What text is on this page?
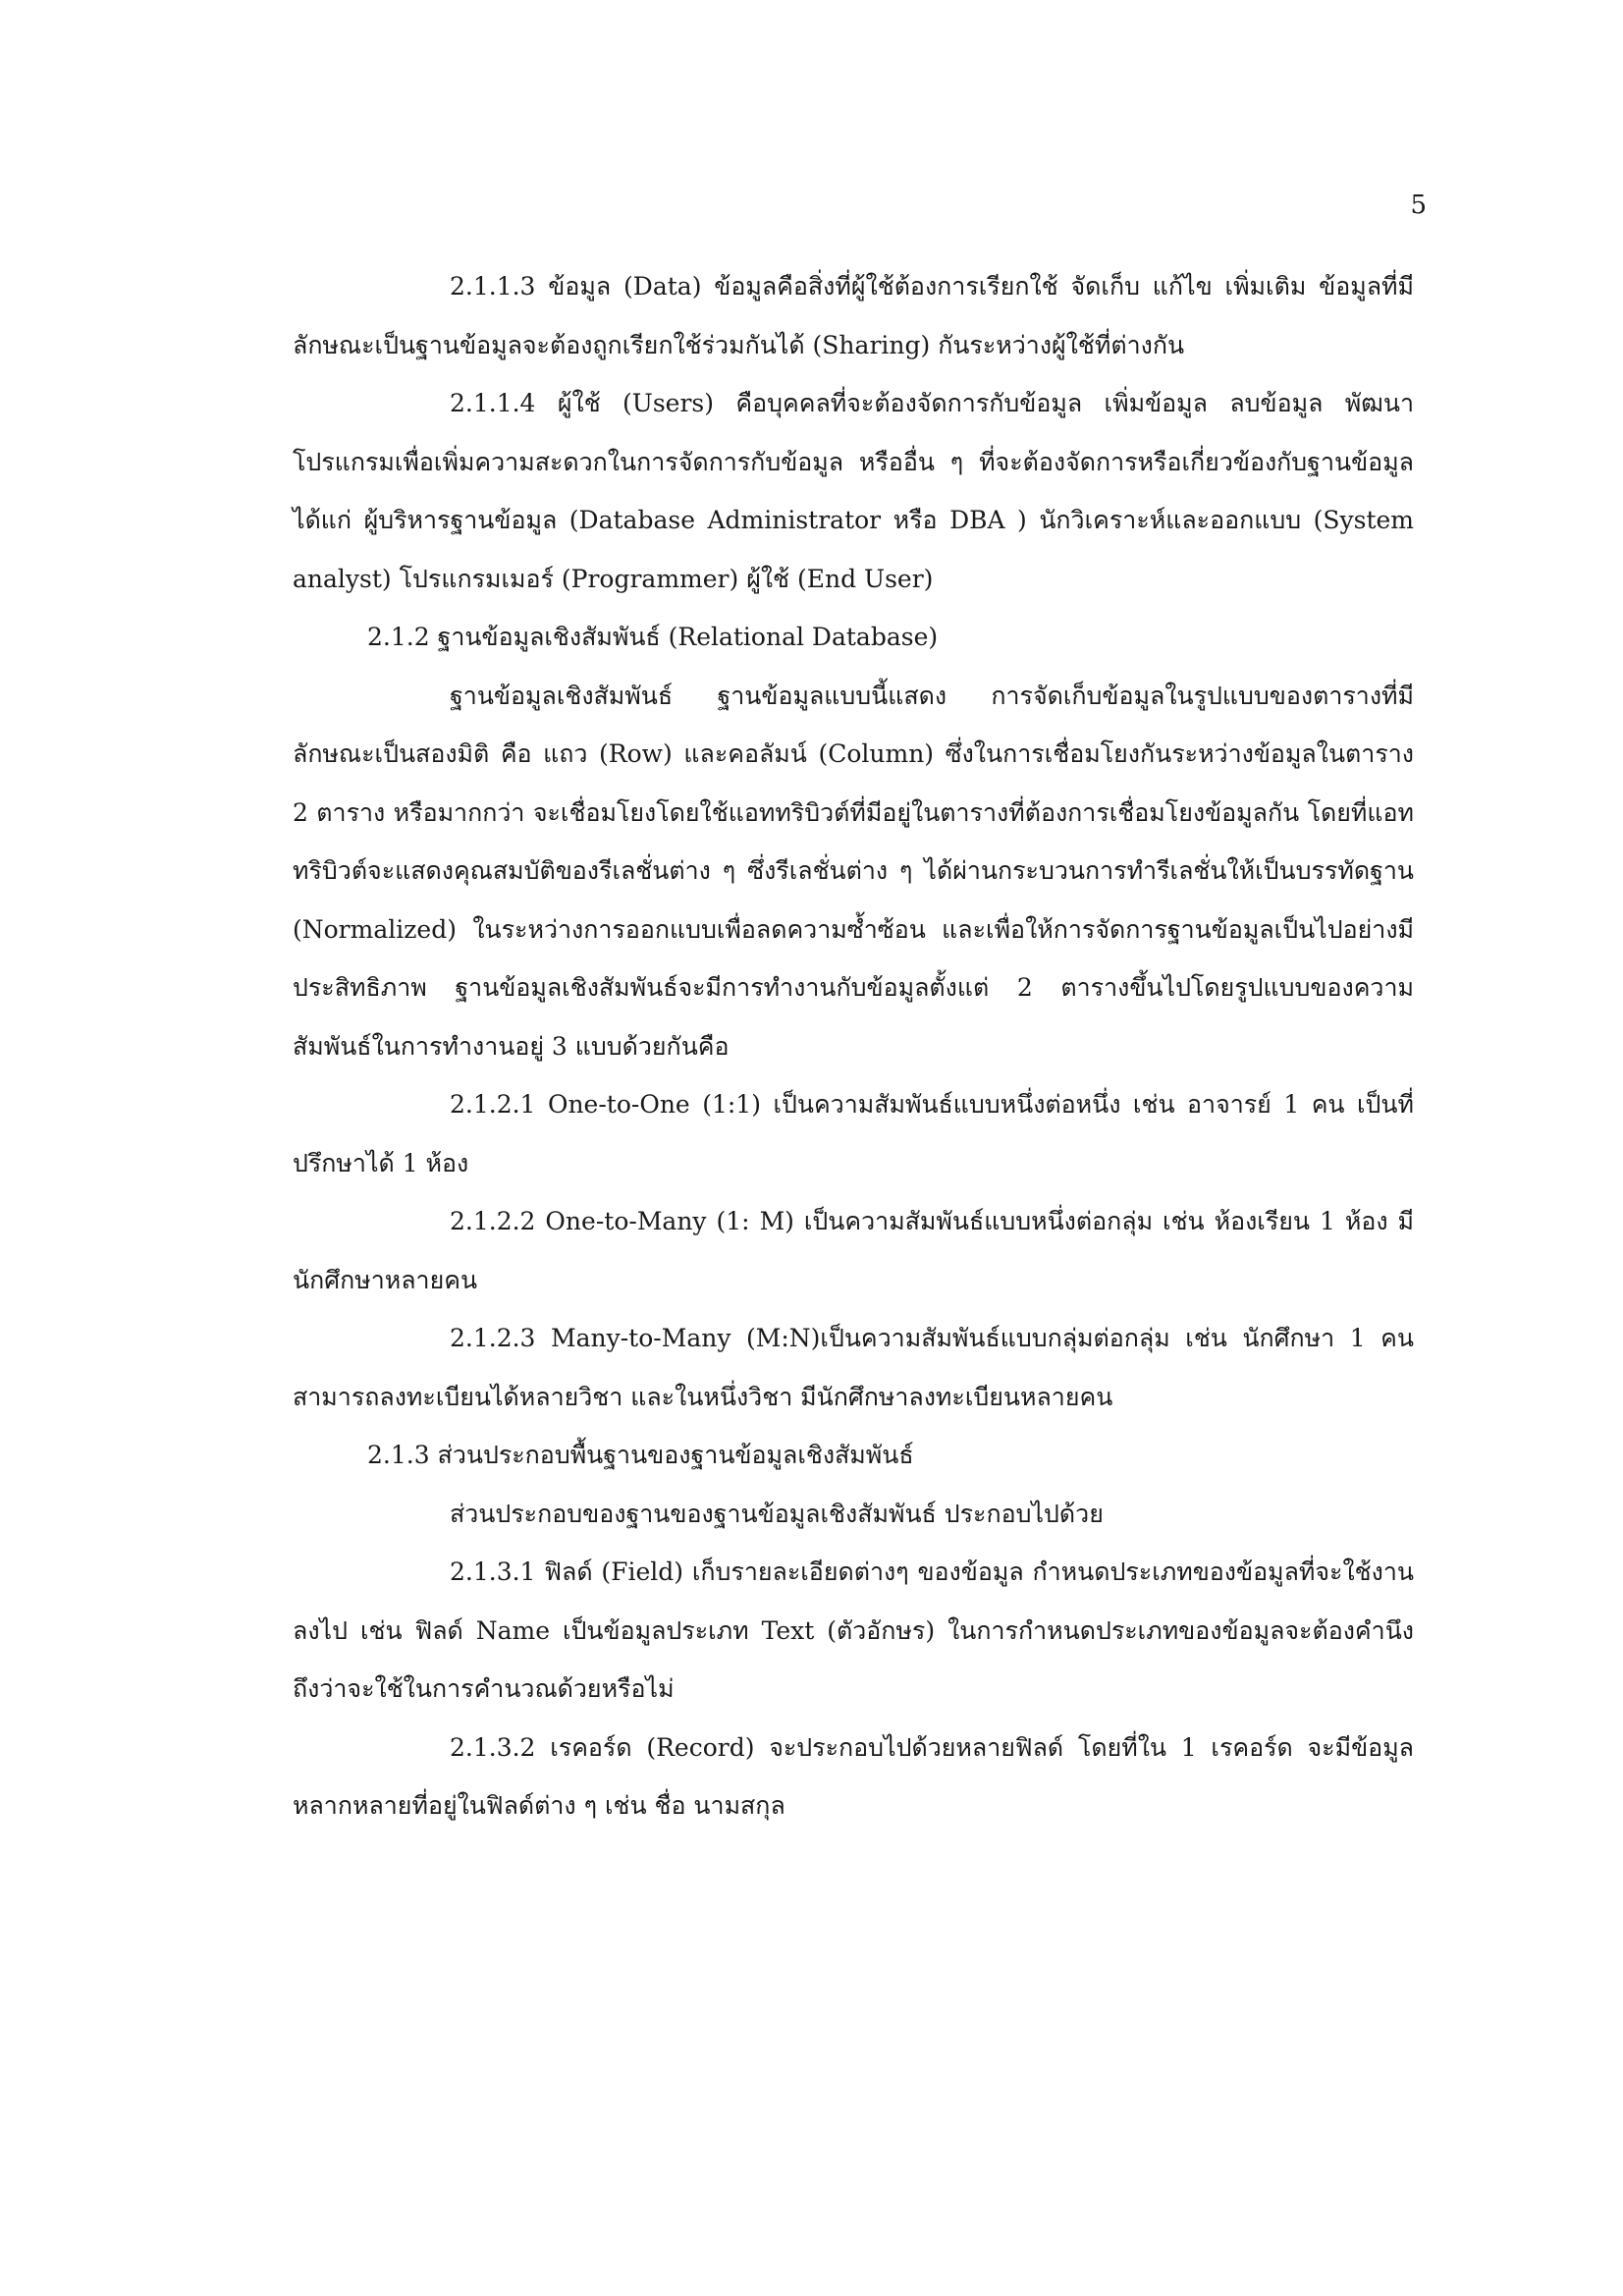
5

2.1.1.3 ข้อมูล (Data) ข้อมูลคือสิ่งที่ผู้ใช้ต้องการเรียกใช้ จัดเก็บ แก้ไข เพิ่มเติม ข้อมูลที่มีลักษณะเป็นฐานข้อมูลจะต้องถูกเรียกใช้ร่วมกันได้ (Sharing) กันระหว่างผู้ใช้ที่ต่างกัน

2.1.1.4 ผู้ใช้ (Users) คือบุคคลที่จะต้องจัดการกับข้อมูล เพิ่มข้อมูล ลบข้อมูล พัฒนาโปรแกรมเพื่อเพิ่มความสะดวกในการจัดการกับข้อมูล หรืออื่น ๆ ที่จะต้องจัดการหรือเกี่ยวข้องกับฐานข้อมูล ได้แก่ ผู้บริหารฐานข้อมูล (Database Administrator หรือ DBA ) นักวิเคราะห์และออกแบบ (System analyst) โปรแกรมเมอร์ (Programmer) ผู้ใช้ (End User)

2.1.2 ฐานข้อมูลเชิงสัมพันธ์ (Relational Database)

ฐานข้อมูลเชิงสัมพันธ์ ฐานข้อมูลแบบนี้แสดง การจัดเก็บข้อมูลในรูปแบบของตารางที่มีลักษณะเป็นสองมิติ คือ แถว (Row) และคอลัมน์ (Column) ซึ่งในการเชื่อมโยงกันระหว่างข้อมูลในตาราง 2 ตาราง หรือมากกว่า จะเชื่อมโยงโดยใช้แอททริบิวต์ที่มีอยู่ในตารางที่ต้องการเชื่อมโยงข้อมูลกัน โดยที่แอททริบิวต์จะแสดงคุณสมบัติของรีเลชั่นต่าง ๆ ซึ่งรีเลชั่นต่าง ๆ ได้ผ่านกระบวนการทำรีเลชั่นให้เป็นบรรทัดฐาน (Normalized) ในระหว่างการออกแบบเพื่อลดความซ้ำซ้อน และเพื่อให้การจัดการฐานข้อมูลเป็นไปอย่างมีประสิทธิภาพ ฐานข้อมูลเชิงสัมพันธ์จะมีการทำงานกับข้อมูลตั้งแต่ 2 ตารางขึ้นไปโดยรูปแบบของความสัมพันธ์ในการทำงานอยู่ 3 แบบด้วยกันคือ

2.1.2.1 One-to-One (1:1) เป็นความสัมพันธ์แบบหนึ่งต่อหนึ่ง เช่น อาจารย์ 1 คน เป็นที่ปรึกษาได้ 1 ห้อง

2.1.2.2 One-to-Many (1: M) เป็นความสัมพันธ์แบบหนึ่งต่อกลุ่ม เช่น ห้องเรียน 1 ห้อง มีนักศึกษาหลายคน

2.1.2.3 Many-to-Many (M:N)เป็นความสัมพันธ์แบบกลุ่มต่อกลุ่ม เช่น นักศึกษา 1 คน สามารถลงทะเบียนได้หลายวิชา และในหนึ่งวิชา มีนักศึกษาลงทะเบียนหลายคน

2.1.3 ส่วนประกอบพื้นฐานของฐานข้อมูลเชิงสัมพันธ์

ส่วนประกอบของฐานของฐานข้อมูลเชิงสัมพันธ์ ประกอบไปด้วย

2.1.3.1 ฟิลด์ (Field) เก็บรายละเอียดต่างๆ ของข้อมูล กำหนดประเภทของข้อมูลที่จะใช้งานลงไป เช่น ฟิลด์ Name เป็นข้อมูลประเภท Text (ตัวอักษร) ในการกำหนดประเภทของข้อมูลจะต้องคำนึงถึงว่าจะใช้ในการคำนวณด้วยหรือไม่

2.1.3.2 เรคอร์ด (Record) จะประกอบไปด้วยหลายฟิลด์ โดยที่ใน 1 เรคอร์ด จะมีข้อมูลหลากหลายที่อยู่ในฟิลด์ต่าง ๆ เช่น ชื่อ นามสกุล
